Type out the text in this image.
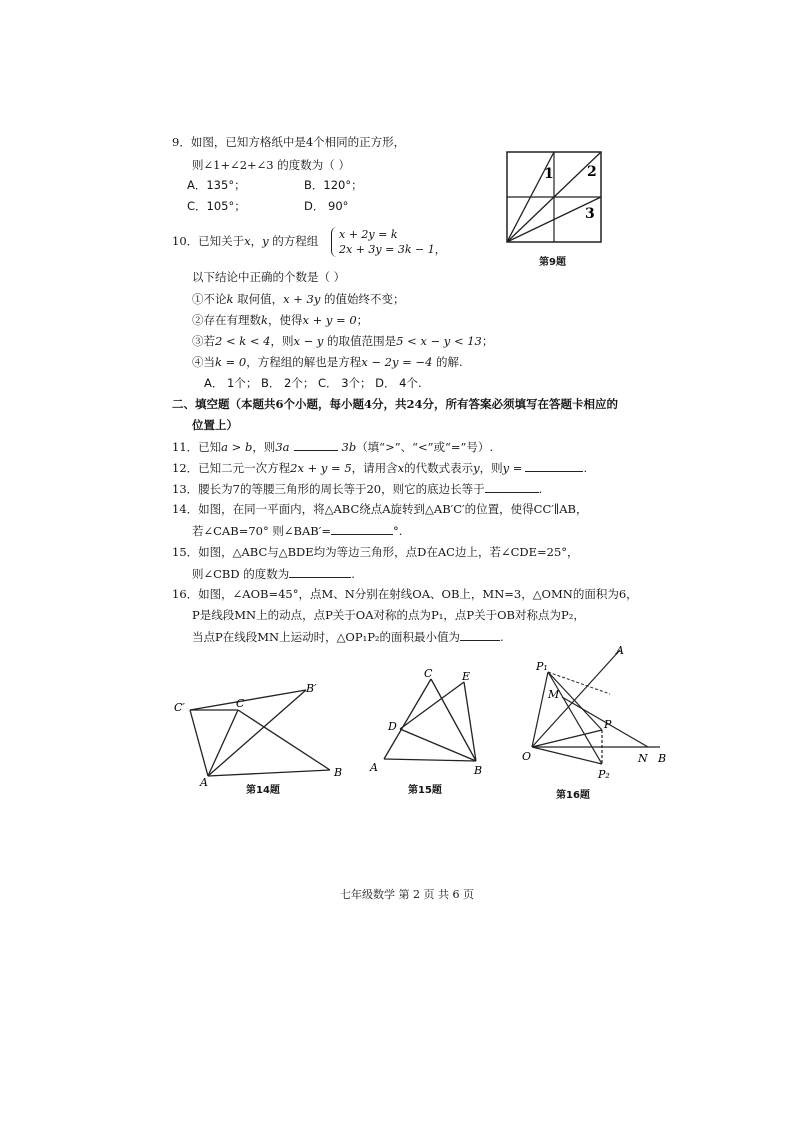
9．如图，已知方格纸中是4个相同的正方形，
则∠1+∠2+∠3 的度数为（ ）
A．135°；	B．120°；
C．105°；	D． 90°
1 2
3
第9题
10．已知关于x，y 的方程组 x + 2y = k
2x + 3y = 3k − 1，
以下结论中正确的个数是（ ）
①不论k 取何值，x + 3y 的值始终不变；
②存在有理数k，使得x + y = 0；
③若2 < k < 4，则x − y 的取值范围是5 < x − y < 13；
④当k = 0，方程组的解也是方程x − 2y = −4 的解.
A． 1个； B． 2个； C． 3个； D． 4个.
二、填空题（本题共6个小题，每小题4分，共24分，所有答案必须填写在答题卡相应的
位置上）
11．已知a > b，则3a	3b（填“>”、“<”或“=”号）.
12．已知二元一次方程2x + y = 5，请用含x的代数式表示y，则y =	.
13．腰长为7的等腰三角形的周长等于20，则它的底边长等于	.
14．如图，在同一平面内，将△ABC绕点A旋转到△AB′C′的位置，使得CC′∥AB，
若∠CAB=70° 则∠BAB′=	°.
15．如图，△ABC与△BDE均为等边三角形，点D在AC边上，若∠CDE=25°，
则∠CBD 的度数为	.
16．如图，∠AOB=45°，点M、N分别在射线OA、OB上，MN=3，△OMN的面积为6，
P是线段MN上的动点，点P关于OA对称的点为P₁，点P关于OB对称点为P₂，
当点P在线段MN上运动时，△OP₁P₂的面积最小值为	.
C′	C
B′
A
B
第14题
C	E
D
A	B
第15题
P₁
A
M
P
O	N B
P₂
第16题
七年级数学 第 2 页 共 6 页
